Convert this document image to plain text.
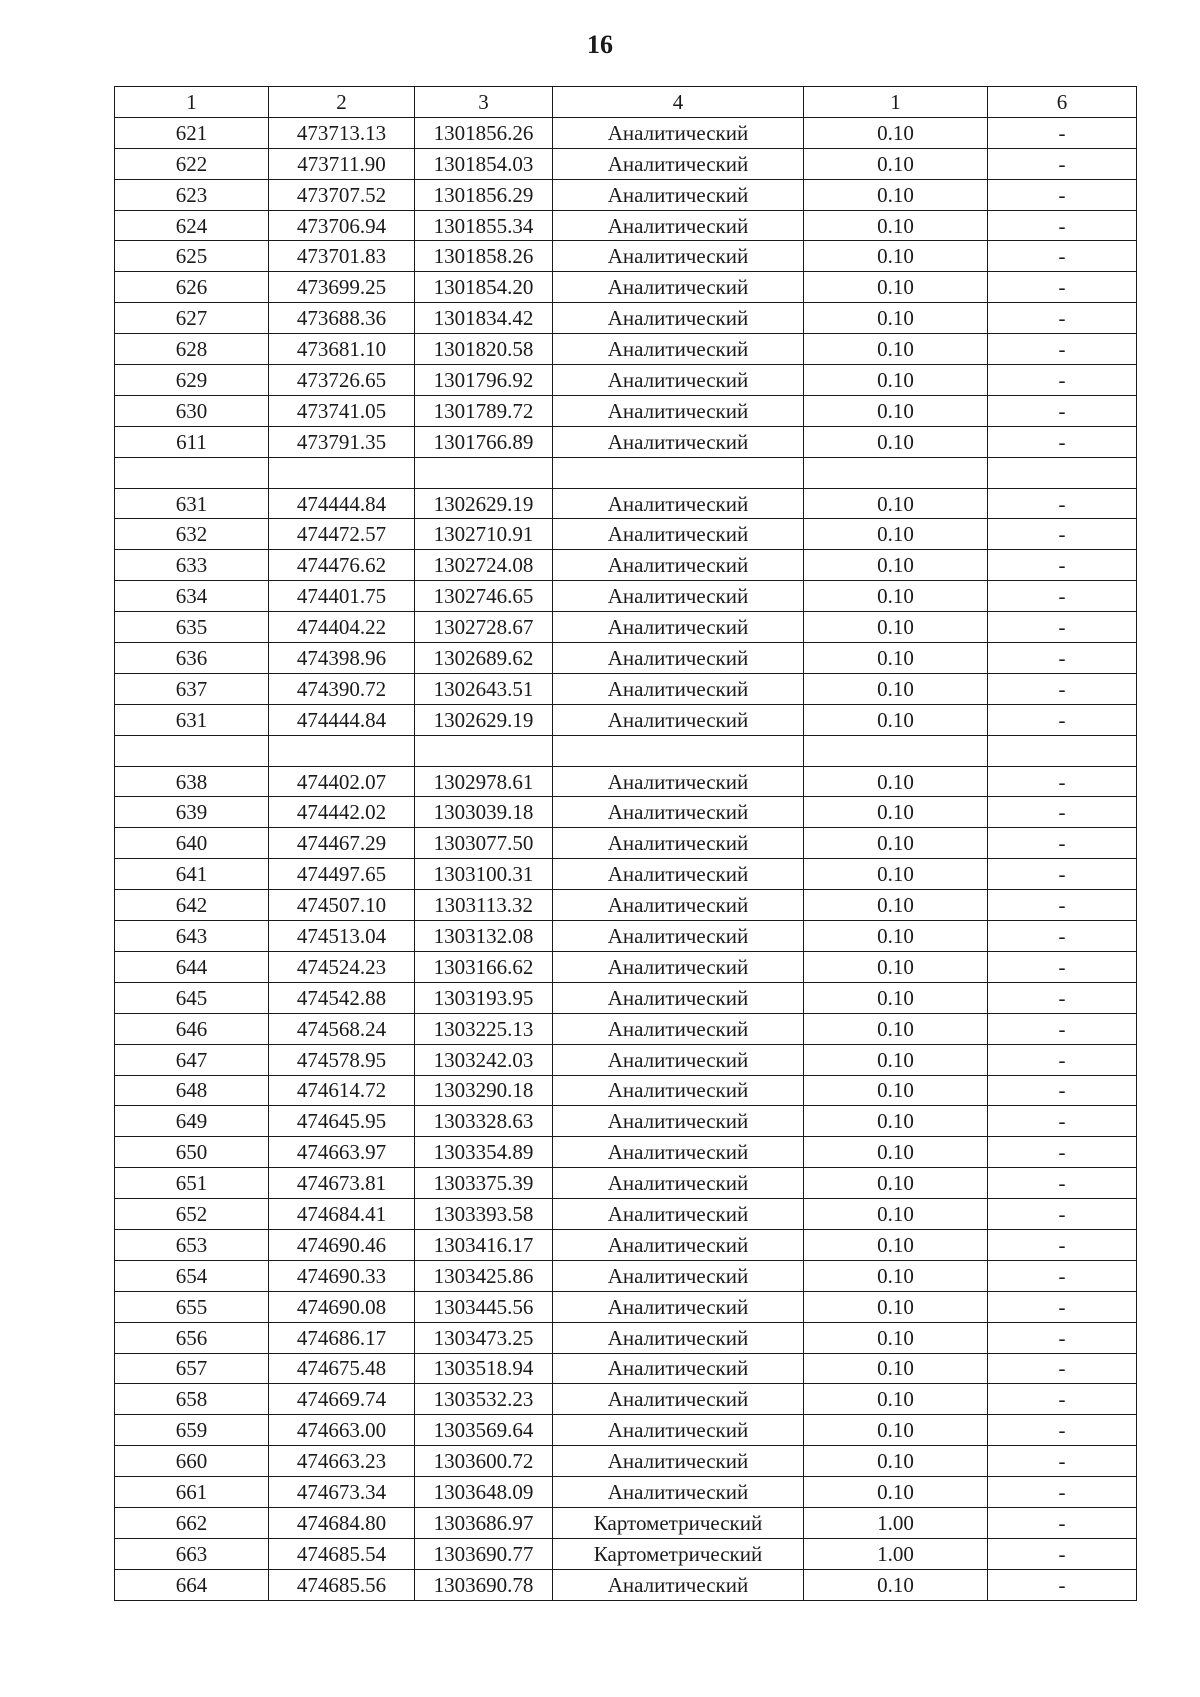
16
1	2	3	4	1	6
621	473713.13	1301856.26	Аналитический	0.10	-
622	473711.90	1301854.03	Аналитический	0.10	-
623	473707.52	1301856.29	Аналитический	0.10	-
624	473706.94	1301855.34	Аналитический	0.10	-
625	473701.83	1301858.26	Аналитический	0.10	-
626	473699.25	1301854.20	Аналитический	0.10	-
627	473688.36	1301834.42	Аналитический	0.10	-
628	473681.10	1301820.58	Аналитический	0.10	-
629	473726.65	1301796.92	Аналитический	0.10	-
630	473741.05	1301789.72	Аналитический	0.10	-
611	473791.35	1301766.89	Аналитический	0.10	-

631	474444.84	1302629.19	Аналитический	0.10	-
632	474472.57	1302710.91	Аналитический	0.10	-
633	474476.62	1302724.08	Аналитический	0.10	-
634	474401.75	1302746.65	Аналитический	0.10	-
635	474404.22	1302728.67	Аналитический	0.10	-
636	474398.96	1302689.62	Аналитический	0.10	-
637	474390.72	1302643.51	Аналитический	0.10	-
631	474444.84	1302629.19	Аналитический	0.10	-

638	474402.07	1302978.61	Аналитический	0.10	-
639	474442.02	1303039.18	Аналитический	0.10	-
640	474467.29	1303077.50	Аналитический	0.10	-
641	474497.65	1303100.31	Аналитический	0.10	-
642	474507.10	1303113.32	Аналитический	0.10	-
643	474513.04	1303132.08	Аналитический	0.10	-
644	474524.23	1303166.62	Аналитический	0.10	-
645	474542.88	1303193.95	Аналитический	0.10	-
646	474568.24	1303225.13	Аналитический	0.10	-
647	474578.95	1303242.03	Аналитический	0.10	-
648	474614.72	1303290.18	Аналитический	0.10	-
649	474645.95	1303328.63	Аналитический	0.10	-
650	474663.97	1303354.89	Аналитический	0.10	-
651	474673.81	1303375.39	Аналитический	0.10	-
652	474684.41	1303393.58	Аналитический	0.10	-
653	474690.46	1303416.17	Аналитический	0.10	-
654	474690.33	1303425.86	Аналитический	0.10	-
655	474690.08	1303445.56	Аналитический	0.10	-
656	474686.17	1303473.25	Аналитический	0.10	-
657	474675.48	1303518.94	Аналитический	0.10	-
658	474669.74	1303532.23	Аналитический	0.10	-
659	474663.00	1303569.64	Аналитический	0.10	-
660	474663.23	1303600.72	Аналитический	0.10	-
661	474673.34	1303648.09	Аналитический	0.10	-
662	474684.80	1303686.97	Картометрический	1.00	-
663	474685.54	1303690.77	Картометрический	1.00	-
664	474685.56	1303690.78	Аналитический	0.10	-
